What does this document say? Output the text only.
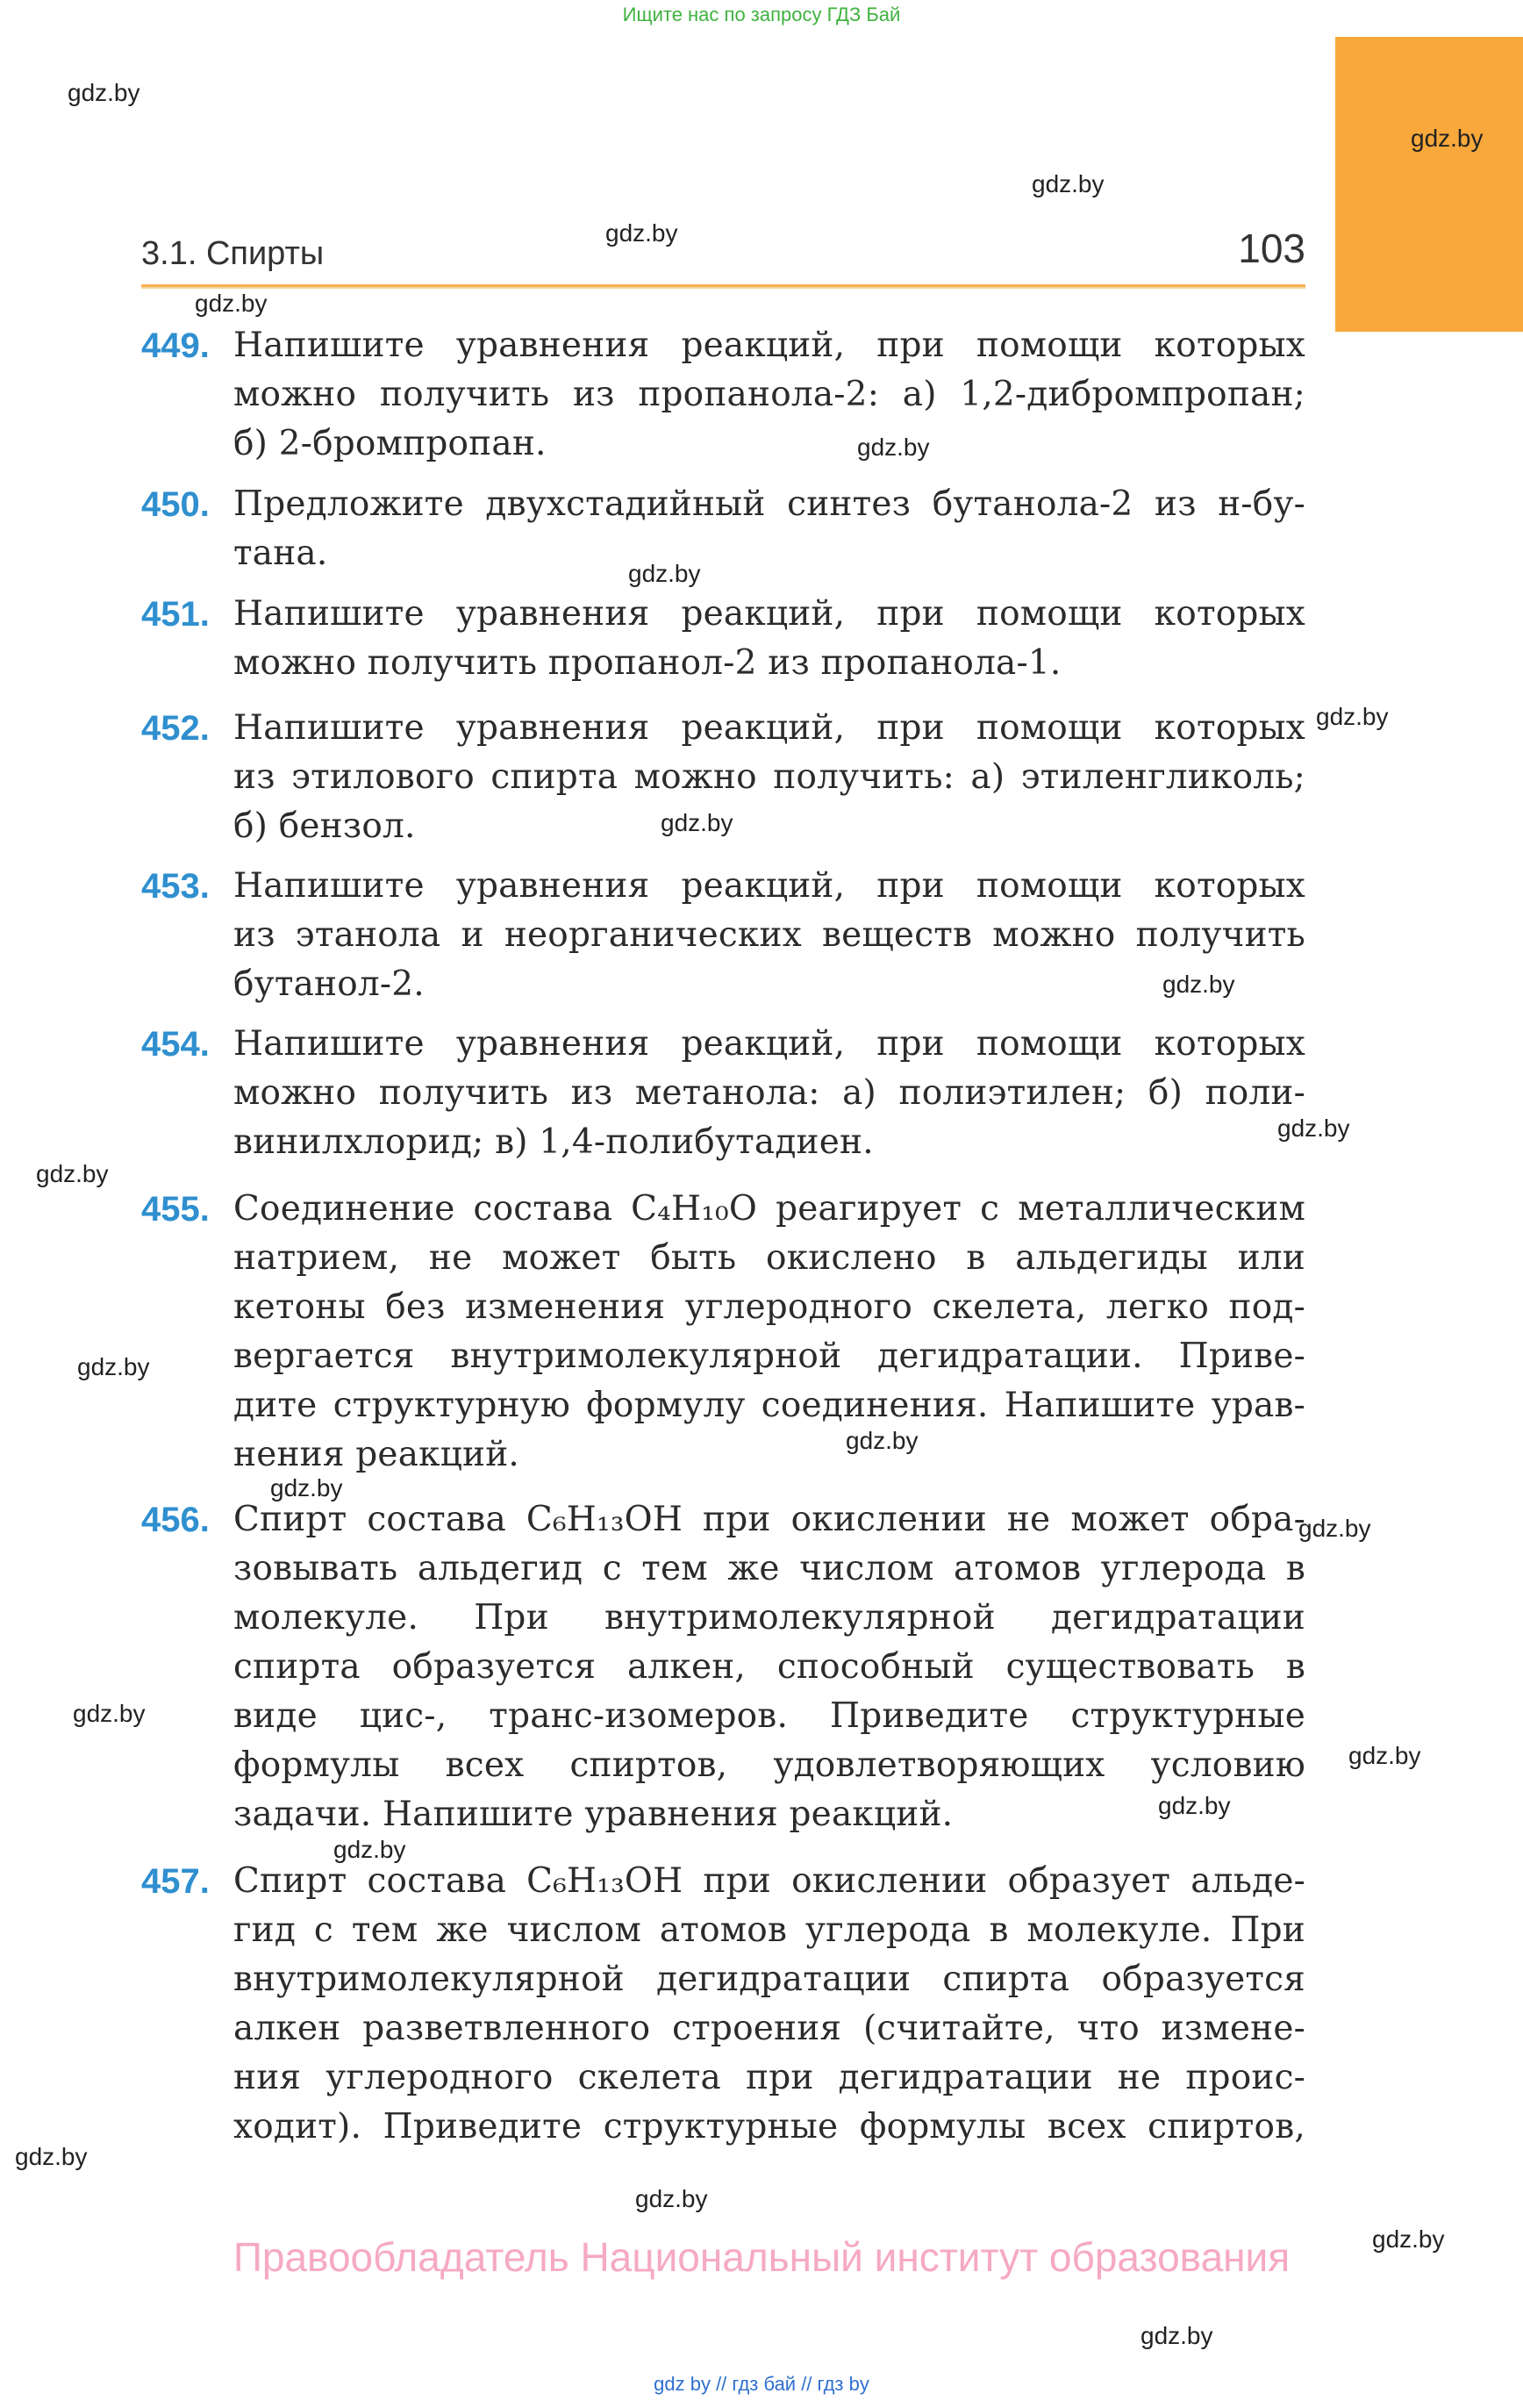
Ищите нас по запросу ГДЗ Бай
gdz.by
gdz.by
gdz.by
gdz.by
gdz.by
gdz.by
gdz.by
gdz.by
gdz.by
gdz.by
gdz.by
gdz.by
gdz.by
gdz.by
gdz.by
gdz.by
gdz.by
gdz.by
gdz.by
gdz.by
gdz.by
gdz.by
gdz.by
gdz.by
3.1. Спирты	103
449. Напишите уравнения реакций, при помощи которых
можно получить из пропанола-2: а) 1,2-дибромпропан;
б) 2-бромпропан.
450. Предложите двухстадийный синтез бутанола-2 из н-бу-
тана.
451. Напишите уравнения реакций, при помощи которых
можно получить пропанол-2 из пропанола-1.
452. Напишите уравнения реакций, при помощи которых
из этилового спирта можно получить: а) этиленгликоль;
б) бензол.
453. Напишите уравнения реакций, при помощи которых
из этанола и неорганических веществ можно получить
бутанол-2.
454. Напишите уравнения реакций, при помощи которых
можно получить из метанола: а) полиэтилен; б) поли-
винилхлорид; в) 1,4-полибутадиен.
455. Соединение состава C₄H₁₀O реагирует с металлическим
натрием, не может быть окислено в альдегиды или
кетоны без изменения углеродного скелета, легко под-
вергается внутримолекулярной дегидратации. Приве-
дите структурную формулу соединения. Напишите урав-
нения реакций.
456. Спирт состава C₆H₁₃OH при окислении не может обра-
зовывать альдегид с тем же числом атомов углерода в
молекуле. При внутримолекулярной дегидратации
спирта образуется алкен, способный существовать в
виде цис-, транс-изомеров. Приведите структурные
формулы всех спиртов, удовлетворяющих условию
задачи. Напишите уравнения реакций.
457. Спирт состава C₆H₁₃OH при окислении образует альде-
гид с тем же числом атомов углерода в молекуле. При
внутримолекулярной дегидратации спирта образуется
алкен разветвленного строения (считайте, что измене-
ния углеродного скелета при дегидратации не проис-
ходит). Приведите структурные формулы всех спиртов,
Правообладатель Национальный институт образования
gdz by // гдз бай // гдз by
